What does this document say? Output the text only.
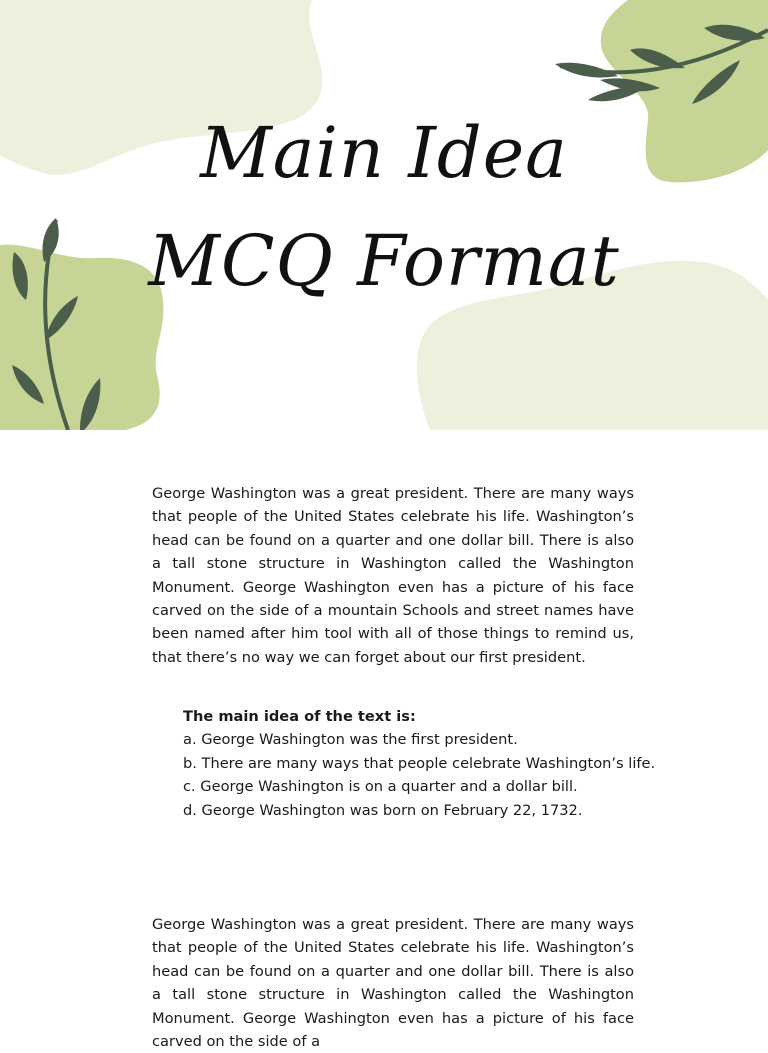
Main Idea
MCQ Format

George Washington was a great president. There are many ways that people of the United States celebrate his life. Washington’s head can be found on a quarter and one dollar bill. There is also a tall stone structure in Washington called the Washington Monument. George Washington even has a picture of his face carved on the side of a mountain Schools and street names have been named after him tool with all of those things to remind us, that there’s no way we can forget about our first president.

The main idea of the text is:
a. George Washington was the first president.
b. There are many ways that people celebrate Washington’s life.
c. George Washington is on a quarter and a dollar bill.
d. George Washington was born on February 22, 1732.

George Washington was a great president. There are many ways that people of the United States celebrate his life. Washington’s head can be found on a quarter and one dollar bill. There is also a tall stone structure in Washington called the Washington Monument. George Washington even has a picture of his face carved on the side of a
